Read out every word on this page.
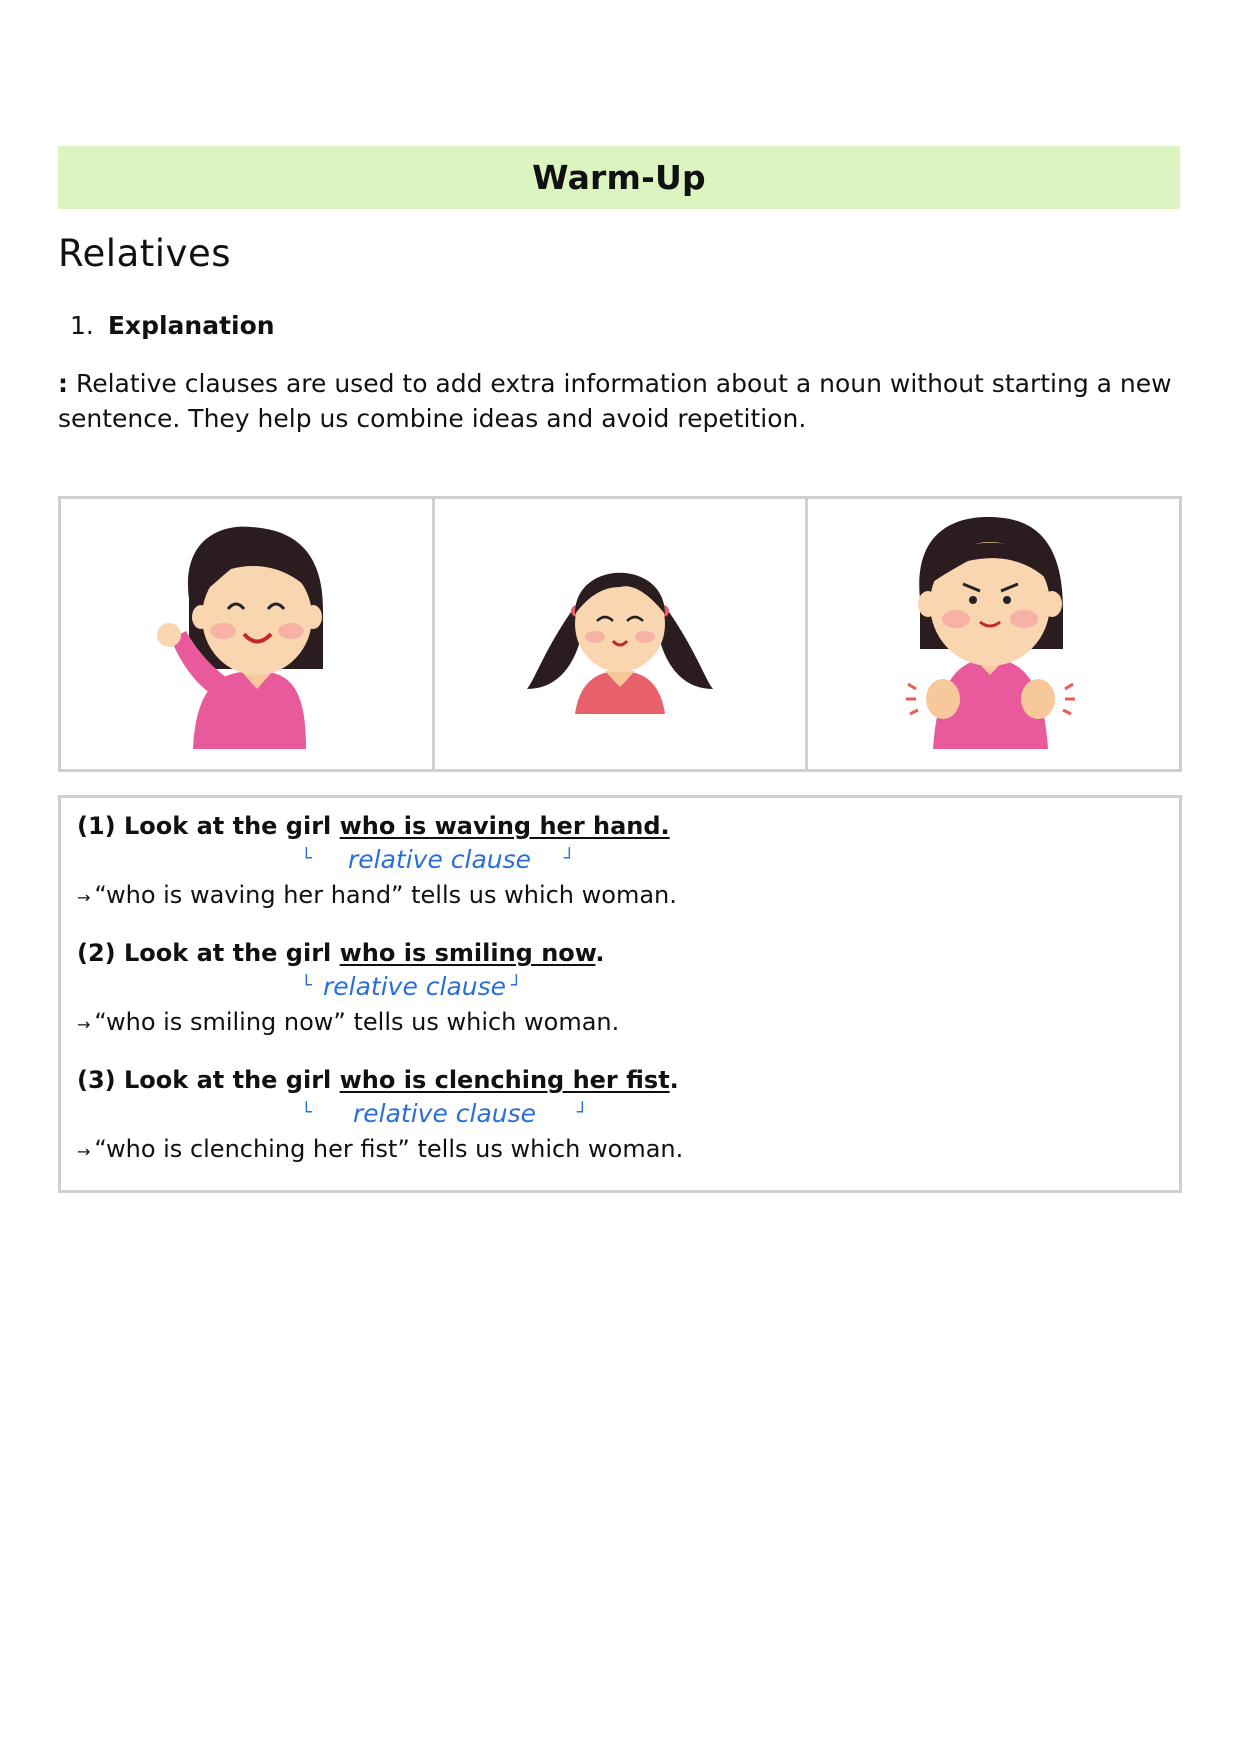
Warm-Up
Relatives
1. Explanation

: Relative clauses are used to add extra information about a noun without starting a new sentence. They help us combine ideas and avoid repetition.

(1) Look at the girl who is waving her hand.
└ relative clause ┘
→ “who is waving her hand” tells us which woman.
(2) Look at the girl who is smiling now.
└ relative clause ┘
→ “who is smiling now” tells us which woman.
(3) Look at the girl who is clenching her fist.
└ relative clause ┘
→ “who is clenching her fist” tells us which woman.
